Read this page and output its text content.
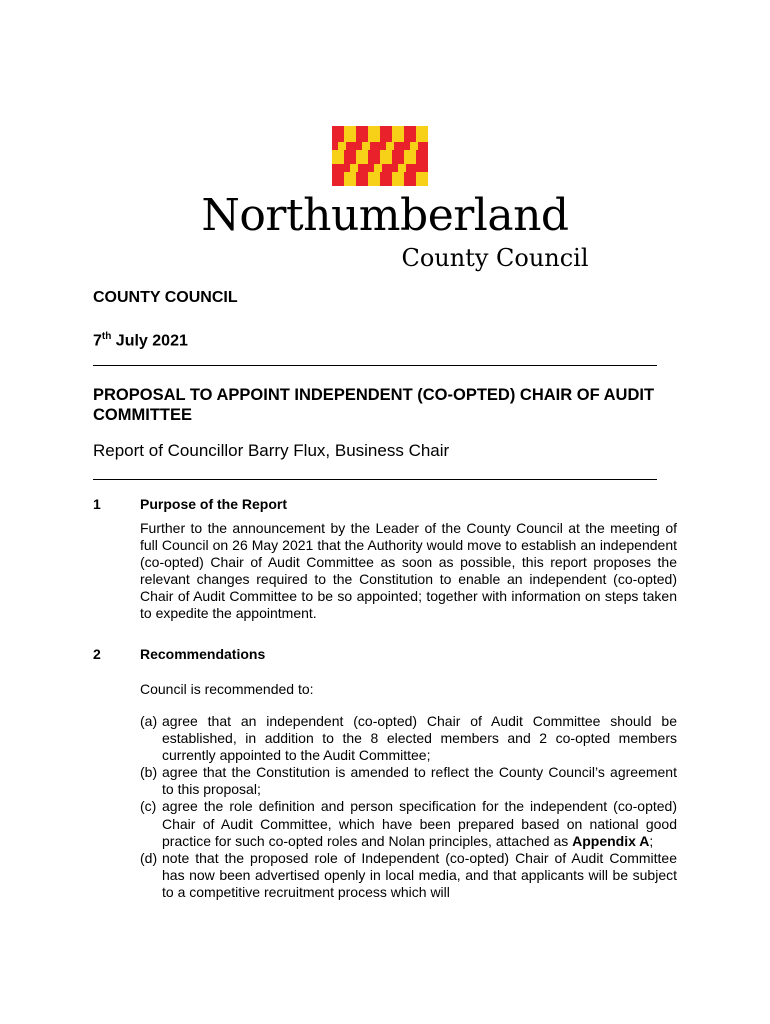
Northumberland
County Council
COUNTY COUNCIL
7th July 2021
PROPOSAL TO APPOINT INDEPENDENT (CO-OPTED) CHAIR OF AUDIT COMMITTEE
Report of Councillor Barry Flux, Business Chair
1	Purpose of the Report
Further to the announcement by the Leader of the County Council at the meeting of full Council on 26 May 2021 that the Authority would move to establish an independent (co-opted) Chair of Audit Committee as soon as possible, this report proposes the relevant changes required to the Constitution to enable an independent (co-opted) Chair of Audit Committee to be so appointed; together with information on steps taken to expedite the appointment.
2	Recommendations
Council is recommended to:
(a) agree that an independent (co-opted) Chair of Audit Committee should be established, in addition to the 8 elected members and 2 co-opted members currently appointed to the Audit Committee;
(b) agree that the Constitution is amended to reflect the County Council’s agreement to this proposal;
(c) agree the role definition and person specification for the independent (co-opted) Chair of Audit Committee, which have been prepared based on national good practice for such co-opted roles and Nolan principles, attached as Appendix A;
(d) note that the proposed role of Independent (co-opted) Chair of Audit Committee has now been advertised openly in local media, and that applicants will be subject to a competitive recruitment process which will
